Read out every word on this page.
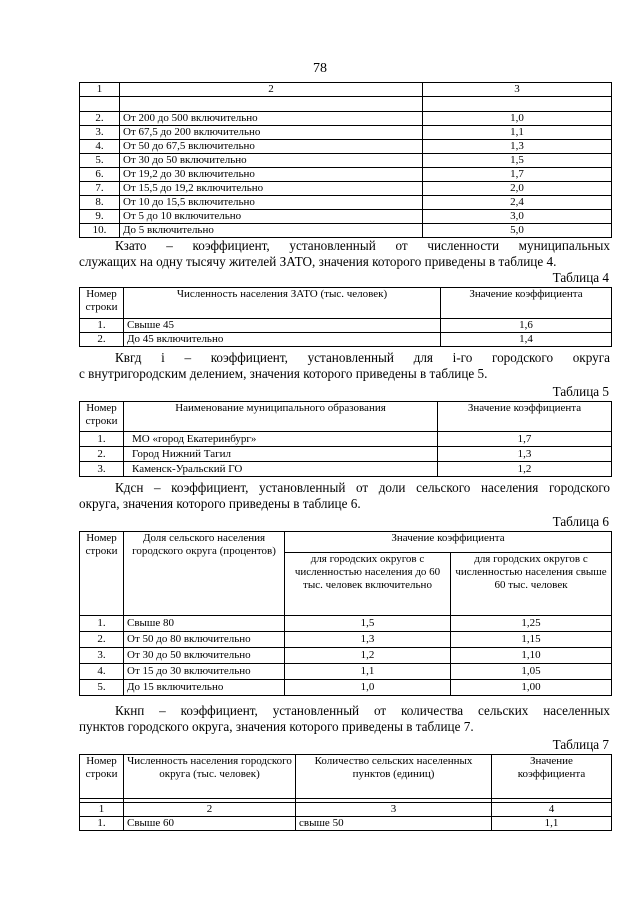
78
1	2	3

2.	От 200 до 500 включительно	1,0
3.	От 67,5 до 200 включительно	1,1
4.	От 50 до 67,5 включительно	1,3
5.	От 30 до 50 включительно	1,5
6.	От 19,2 до 30 включительно	1,7
7.	От 15,5 до 19,2 включительно	2,0
8.	От 10 до 15,5 включительно	2,4
9.	От 5 до 10 включительно	3,0
10.	До 5 включительно	5,0
Кзато – коэффициент, установленный от численности муниципальных
служащих на одну тысячу жителей ЗАТО, значения которого приведены в таблице 4.
Таблица 4
Номер строки	Численность населения ЗАТО (тыс. человек)	Значение коэффициента
1.	Свыше 45	1,6
2.	До 45 включительно	1,4
Квгд i – коэффициент, установленный для i-го городского округа
с внутригородским делением, значения которого приведены в таблице 5.
Таблица 5
Номер строки	Наименование муниципального образования	Значение коэффициента
1.	МО «город Екатеринбург»	1,7
2.	Город Нижний Тагил	1,3
3.	Каменск-Уральский ГО	1,2
Кдсн – коэффициент, установленный от доли сельского населения городского
округа, значения которого приведены в таблице 6.
Таблица 6
Номер строки	Доля сельского населения городского округа (процентов)	Значение коэффициента	
		для городских округов с численностью населения до 60 тыс. человек включительно	для городских округов с численностью населения свыше 60 тыс. человек
1.	Свыше 80	1,5	1,25
2.	От 50 до 80 включительно	1,3	1,15
3.	От 30 до 50 включительно	1,2	1,10
4.	От 15 до 30 включительно	1,1	1,05
5.	До 15 включительно	1,0	1,00
Ккнп – коэффициент, установленный от количества сельских населенных
пунктов городского округа, значения которого приведены в таблице 7.
Таблица 7
Номер строки	Численность населения городского округа (тыс. человек)	Количество сельских населенных пунктов (единиц)	Значение коэффициента

1	2	3	4
1.	Свыше 60	свыше 50	1,1
